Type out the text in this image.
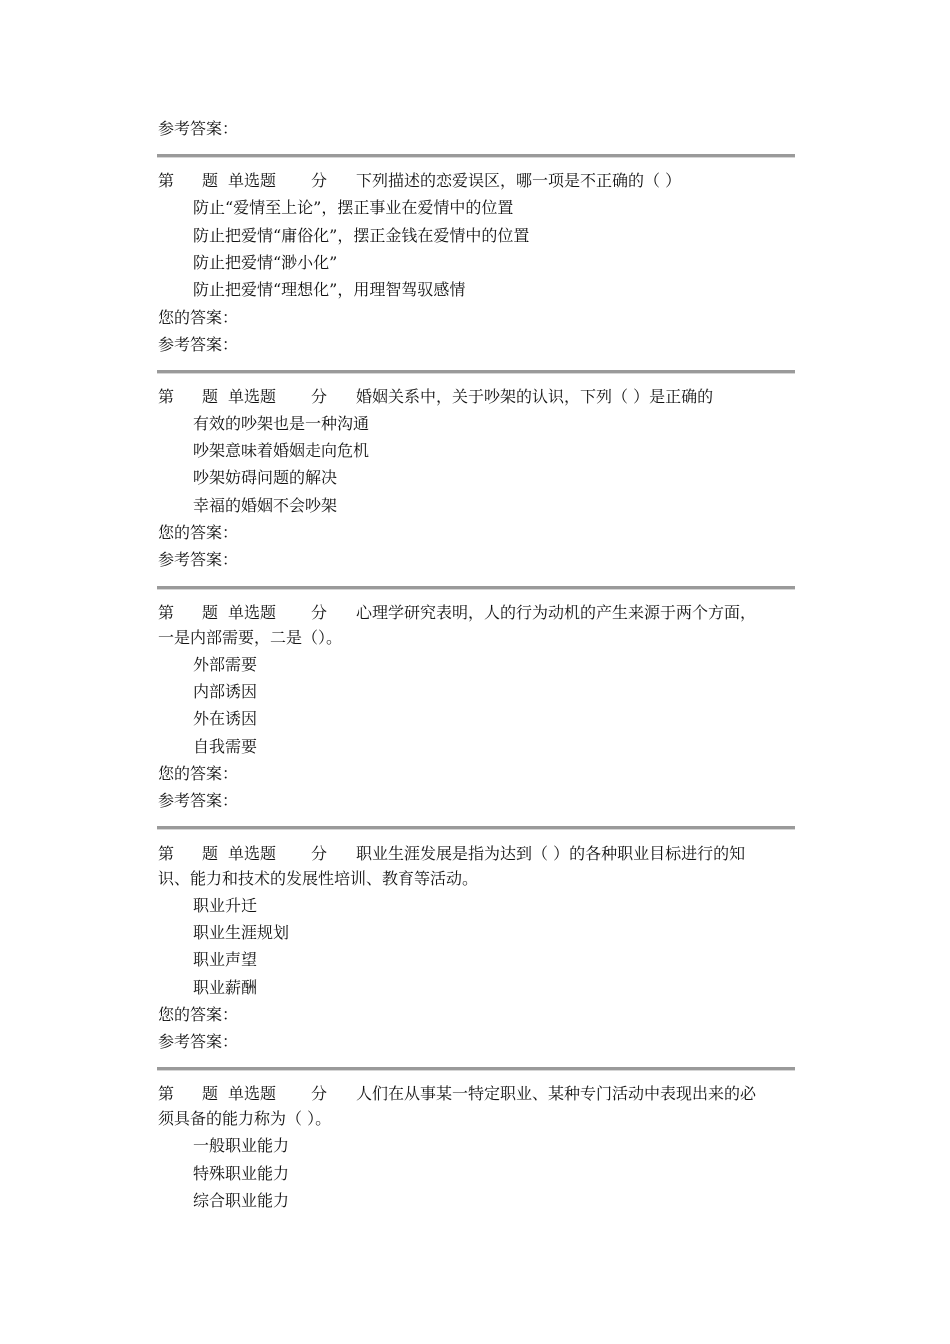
参考答案：
第 题 单选题 分 下列描述的恋爱误区，哪一项是不正确的（ ）
防止“爱情至上论”，摆正事业在爱情中的位置
防止把爱情“庸俗化”，摆正金钱在爱情中的位置
防止把爱情“渺小化”
防止把爱情“理想化”，用理智驾驭感情
您的答案：
参考答案：
第 题 单选题 分 婚姻关系中，关于吵架的认识，下列（ ）是正确的
有效的吵架也是一种沟通
吵架意味着婚姻走向危机
吵架妨碍问题的解决
幸福的婚姻不会吵架
您的答案：
参考答案：
第 题 单选题 分 心理学研究表明，人的行为动机的产生来源于两个方面，
一是内部需要，二是（）。
外部需要
内部诱因
外在诱因
自我需要
您的答案：
参考答案：
第 题 单选题 分 职业生涯发展是指为达到（ ）的各种职业目标进行的知
识、能力和技术的发展性培训、教育等活动。
职业升迁
职业生涯规划
职业声望
职业薪酬
您的答案：
参考答案：
第 题 单选题 分 人们在从事某一特定职业、某种专门活动中表现出来的必
须具备的能力称为（ ）。
一般职业能力
特殊职业能力
综合职业能力
